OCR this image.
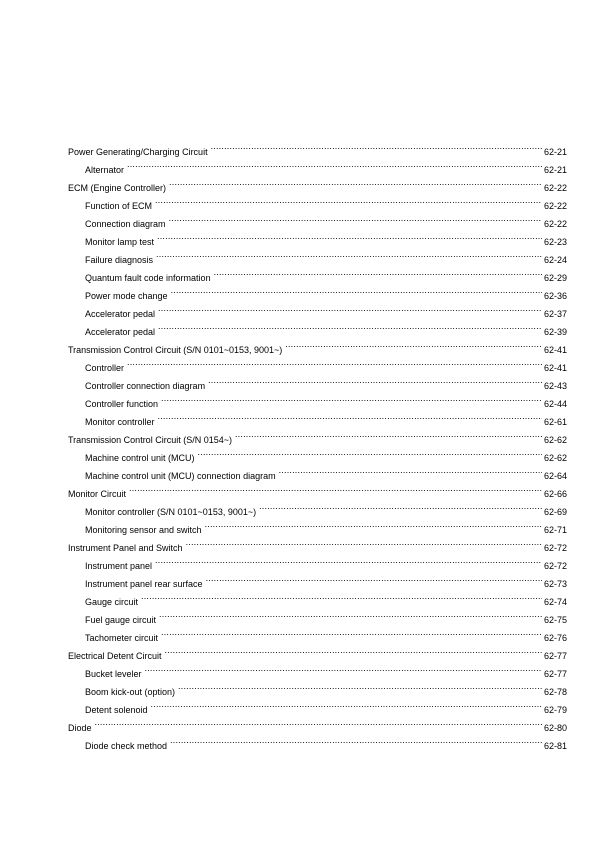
Power Generating/Charging Circuit .....	62-21
Alternator .....	62-21
ECM (Engine Controller) .....	62-22
Function of ECM .....	62-22
Connection diagram .....	62-22
Monitor lamp test .....	62-23
Failure diagnosis .....	62-24
Quantum fault code information .....	62-29
Power mode change .....	62-36
Accelerator pedal .....	62-37
Accelerator pedal .....	62-39
Transmission Control Circuit (S/N 0101~0153, 9001~) .....	62-41
Controller .....	62-41
Controller connection diagram .....	62-43
Controller function .....	62-44
Monitor controller .....	62-61
Transmission Control Circuit (S/N 0154~) .....	62-62
Machine control unit (MCU) .....	62-62
Machine control unit (MCU) connection diagram .....	62-64
Monitor Circuit .....	62-66
Monitor controller (S/N 0101~0153, 9001~) .....	62-69
Monitoring sensor and switch .....	62-71
Instrument Panel and Switch .....	62-72
Instrument panel .....	62-72
Instrument panel rear surface .....	62-73
Gauge circuit .....	62-74
Fuel gauge circuit .....	62-75
Tachometer circuit .....	62-76
Electrical Detent Circuit .....	62-77
Bucket leveler .....	62-77
Boom kick-out (option) .....	62-78
Detent solenoid .....	62-79
Diode .....	62-80
Diode check method .....	62-81
